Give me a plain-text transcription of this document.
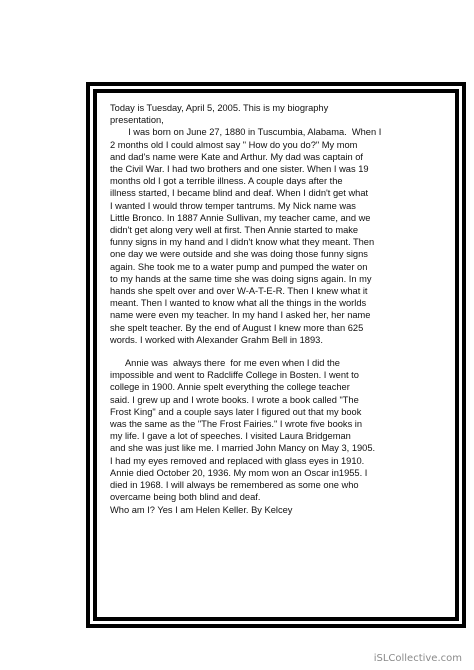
Today is Tuesday, April 5, 2005. This is my biography
presentation,
I was born on June 27, 1880 in Tuscumbia, Alabama.  When I
2 months old I could almost say " How do you do?" My mom
and dad's name were Kate and Arthur. My dad was captain of
the Civil War. I had two brothers and one sister. When I was 19
months old I got a terrible illness. A couple days after the
illness started, I became blind and deaf. When I didn't get what
I wanted I would throw temper tantrums. My Nick name was
Little Bronco. In 1887 Annie Sullivan, my teacher came, and we
didn't get along very well at first. Then Annie started to make
funny signs in my hand and I didn't know what they meant. Then
one day we were outside and she was doing those funny signs
again. She took me to a water pump and pumped the water on
to my hands at the same time she was doing signs again. In my
hands she spelt over and over W-A-T-E-R. Then I knew what it
meant. Then I wanted to know what all the things in the worlds
name were even my teacher. In my hand I asked her, her name
she spelt teacher. By the end of August I knew more than 625
words. I worked with Alexander Grahm Bell in 1893.
Annie was  always there  for me even when I did the
impossible and went to Radcliffe College in Bosten. I went to
college in 1900. Annie spelt everything the college teacher
said. I grew up and I wrote books. I wrote a book called "The
Frost King" and a couple says later I figured out that my book
was the same as the "The Frost Fairies." I wrote five books in
my life. I gave a lot of speeches. I visited Laura Bridgeman
and she was just like me. I married John Mancy on May 3, 1905.
I had my eyes removed and replaced with glass eyes in 1910.
Annie died October 20, 1936. My mom won an Oscar in1955. I
died in 1968. I will always be remembered as some one who
overcame being both blind and deaf.
Who am I? Yes I am Helen Keller. By Kelcey
iSLCollective.com
